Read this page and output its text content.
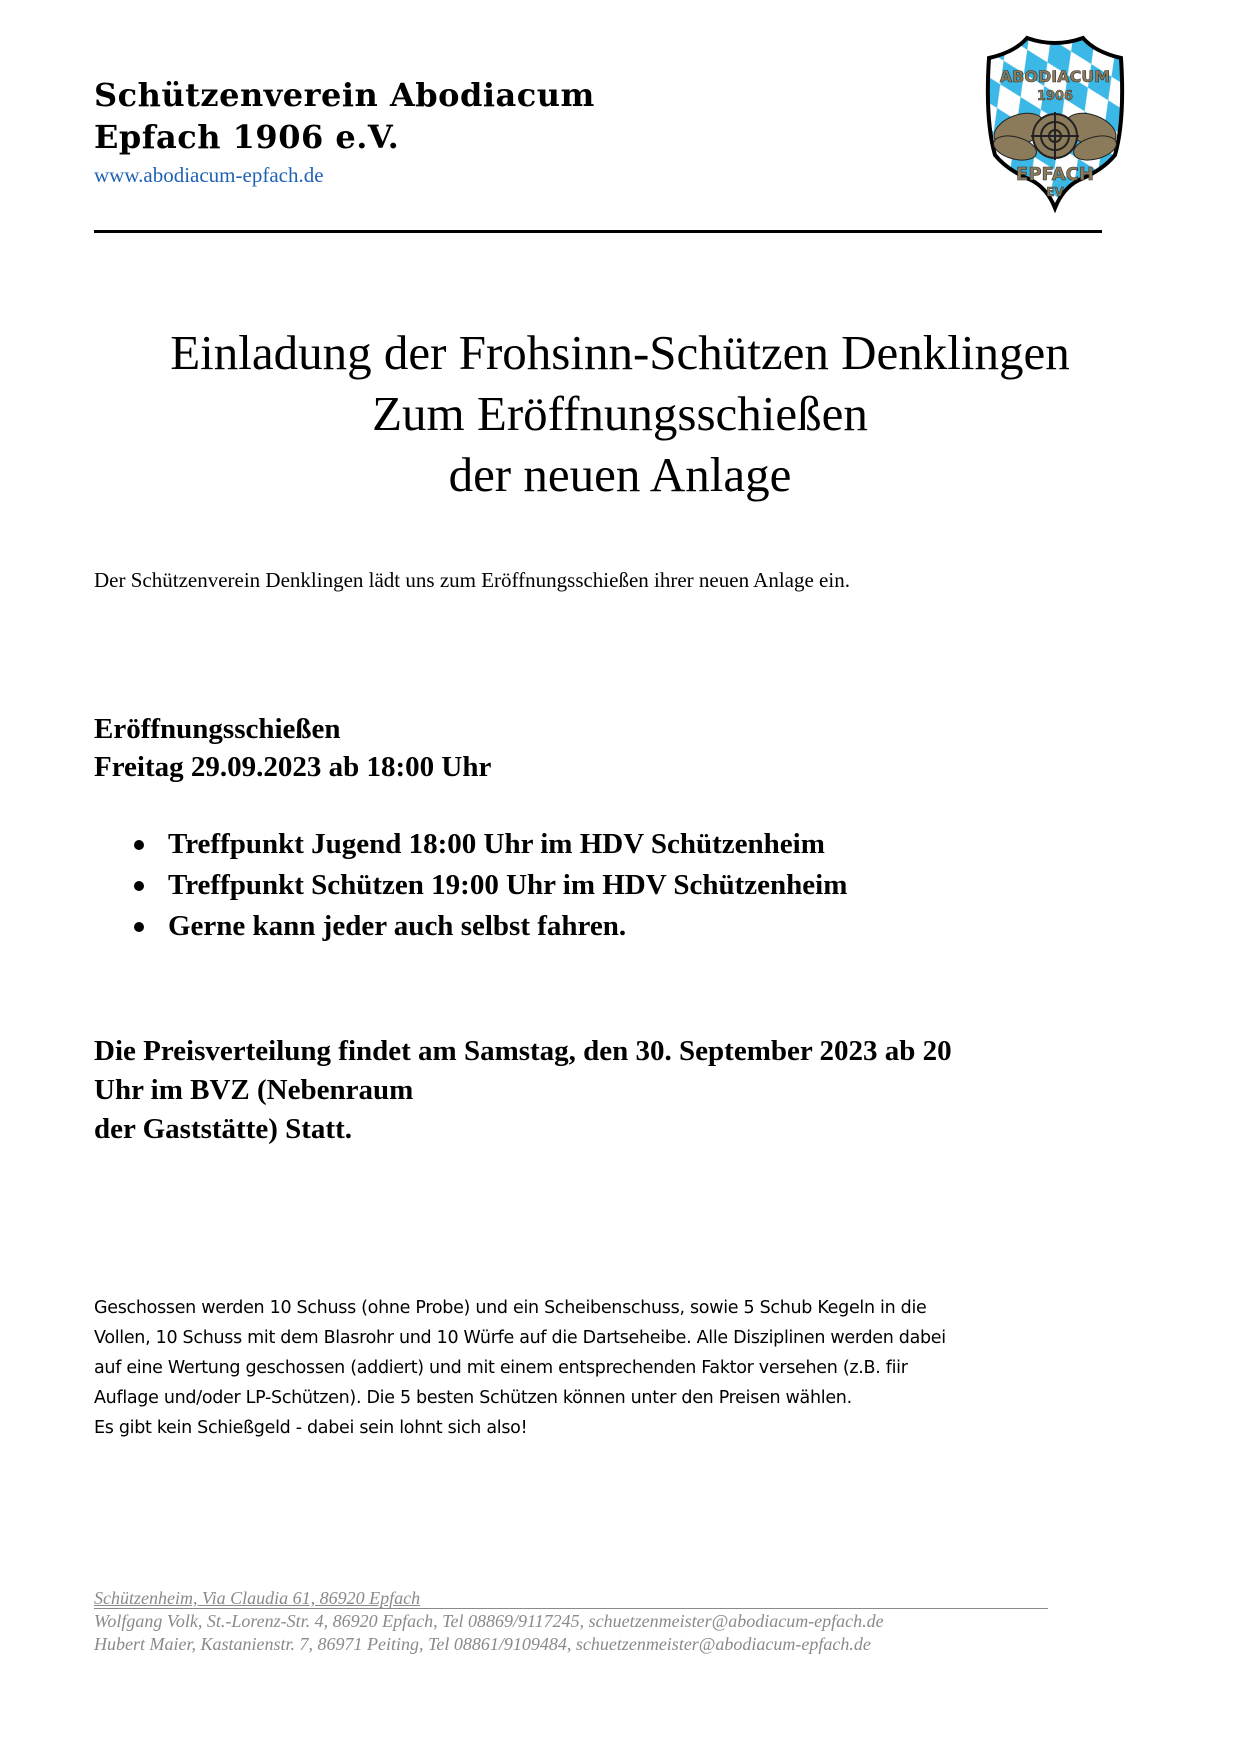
Schützenverein Abodiacum
Epfach 1906 e.V.
www.abodiacum-epfach.de
ABODIACUM
1906
EPFACH
EV
Einladung der Frohsinn-Schützen Denklingen
Zum Eröffnungsschießen
der neuen Anlage
Der Schützenverein Denklingen lädt uns zum Eröffnungsschießen ihrer neuen Anlage ein.
Eröffnungsschießen
Freitag 29.09.2023 ab 18:00 Uhr
Treffpunkt Jugend 18:00 Uhr im HDV Schützenheim
Treffpunkt Schützen 19:00 Uhr im HDV Schützenheim
Gerne kann jeder auch selbst fahren.
Die Preisverteilung findet am Samstag, den 30. September 2023 ab 20
Uhr im BVZ (Nebenraum
der Gaststätte) Statt.
Geschossen werden 10 Schuss (ohne Probe) und ein Scheibenschuss, sowie 5 Schub Kegeln in die
Vollen, 10 Schuss mit dem Blasrohr und 10 Würfe auf die Dartseheibe. Alle Disziplinen werden dabei
auf eine Wertung geschossen (addiert) und mit einem entsprechenden Faktor versehen (z.B. fiir
Auflage und/oder LP-Schützen). Die 5 besten Schützen können unter den Preisen wählen.
Es gibt kein Schießgeld - dabei sein lohnt sich also!
Schützenheim, Via Claudia 61, 86920 Epfach
Wolfgang Volk, St.-Lorenz-Str. 4, 86920 Epfach, Tel 08869/9117245, schuetzenmeister@abodiacum-epfach.de
Hubert Maier, Kastanienstr. 7, 86971 Peiting, Tel 08861/9109484, schuetzenmeister@abodiacum-epfach.de
